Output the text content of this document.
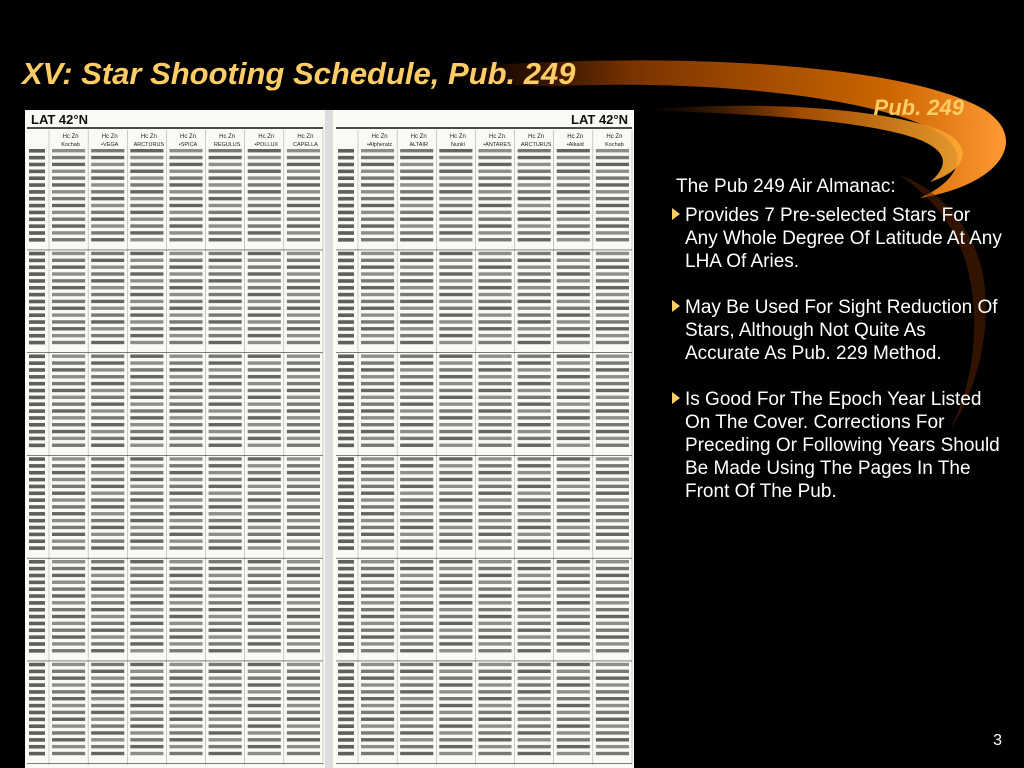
XV: Star Shooting Schedule, Pub. 249
Pub. 249
LAT 42°N
Hc Zn
Kochab
Hc Zn
•VEGA
Hc Zn
ARCTURUS
Hc Zn
•SPICA
Hc Zn
REGULUS
Hc Zn
•POLLUX
Hc Zn
CAPELLA
LAT 42°N
Hc Zn
•Alpheratz
Hc Zn
ALTAIR
Hc Zn
Nunki
Hc Zn
•ANTARES
Hc Zn
ARCTURUS
Hc Zn
•Alkaid
Hc Zn
Kochab
The Pub 249 Air Almanac:
Provides 7 Pre-selected Stars For Any Whole Degree Of Latitude At Any LHA Of Aries.
May Be Used For Sight Reduction Of Stars, Although Not Quite As Accurate As Pub. 229 Method.
Is Good For The Epoch Year Listed On The Cover. Corrections For Preceding Or Following Years Should Be Made Using The Pages In The Front Of The Pub.
3
